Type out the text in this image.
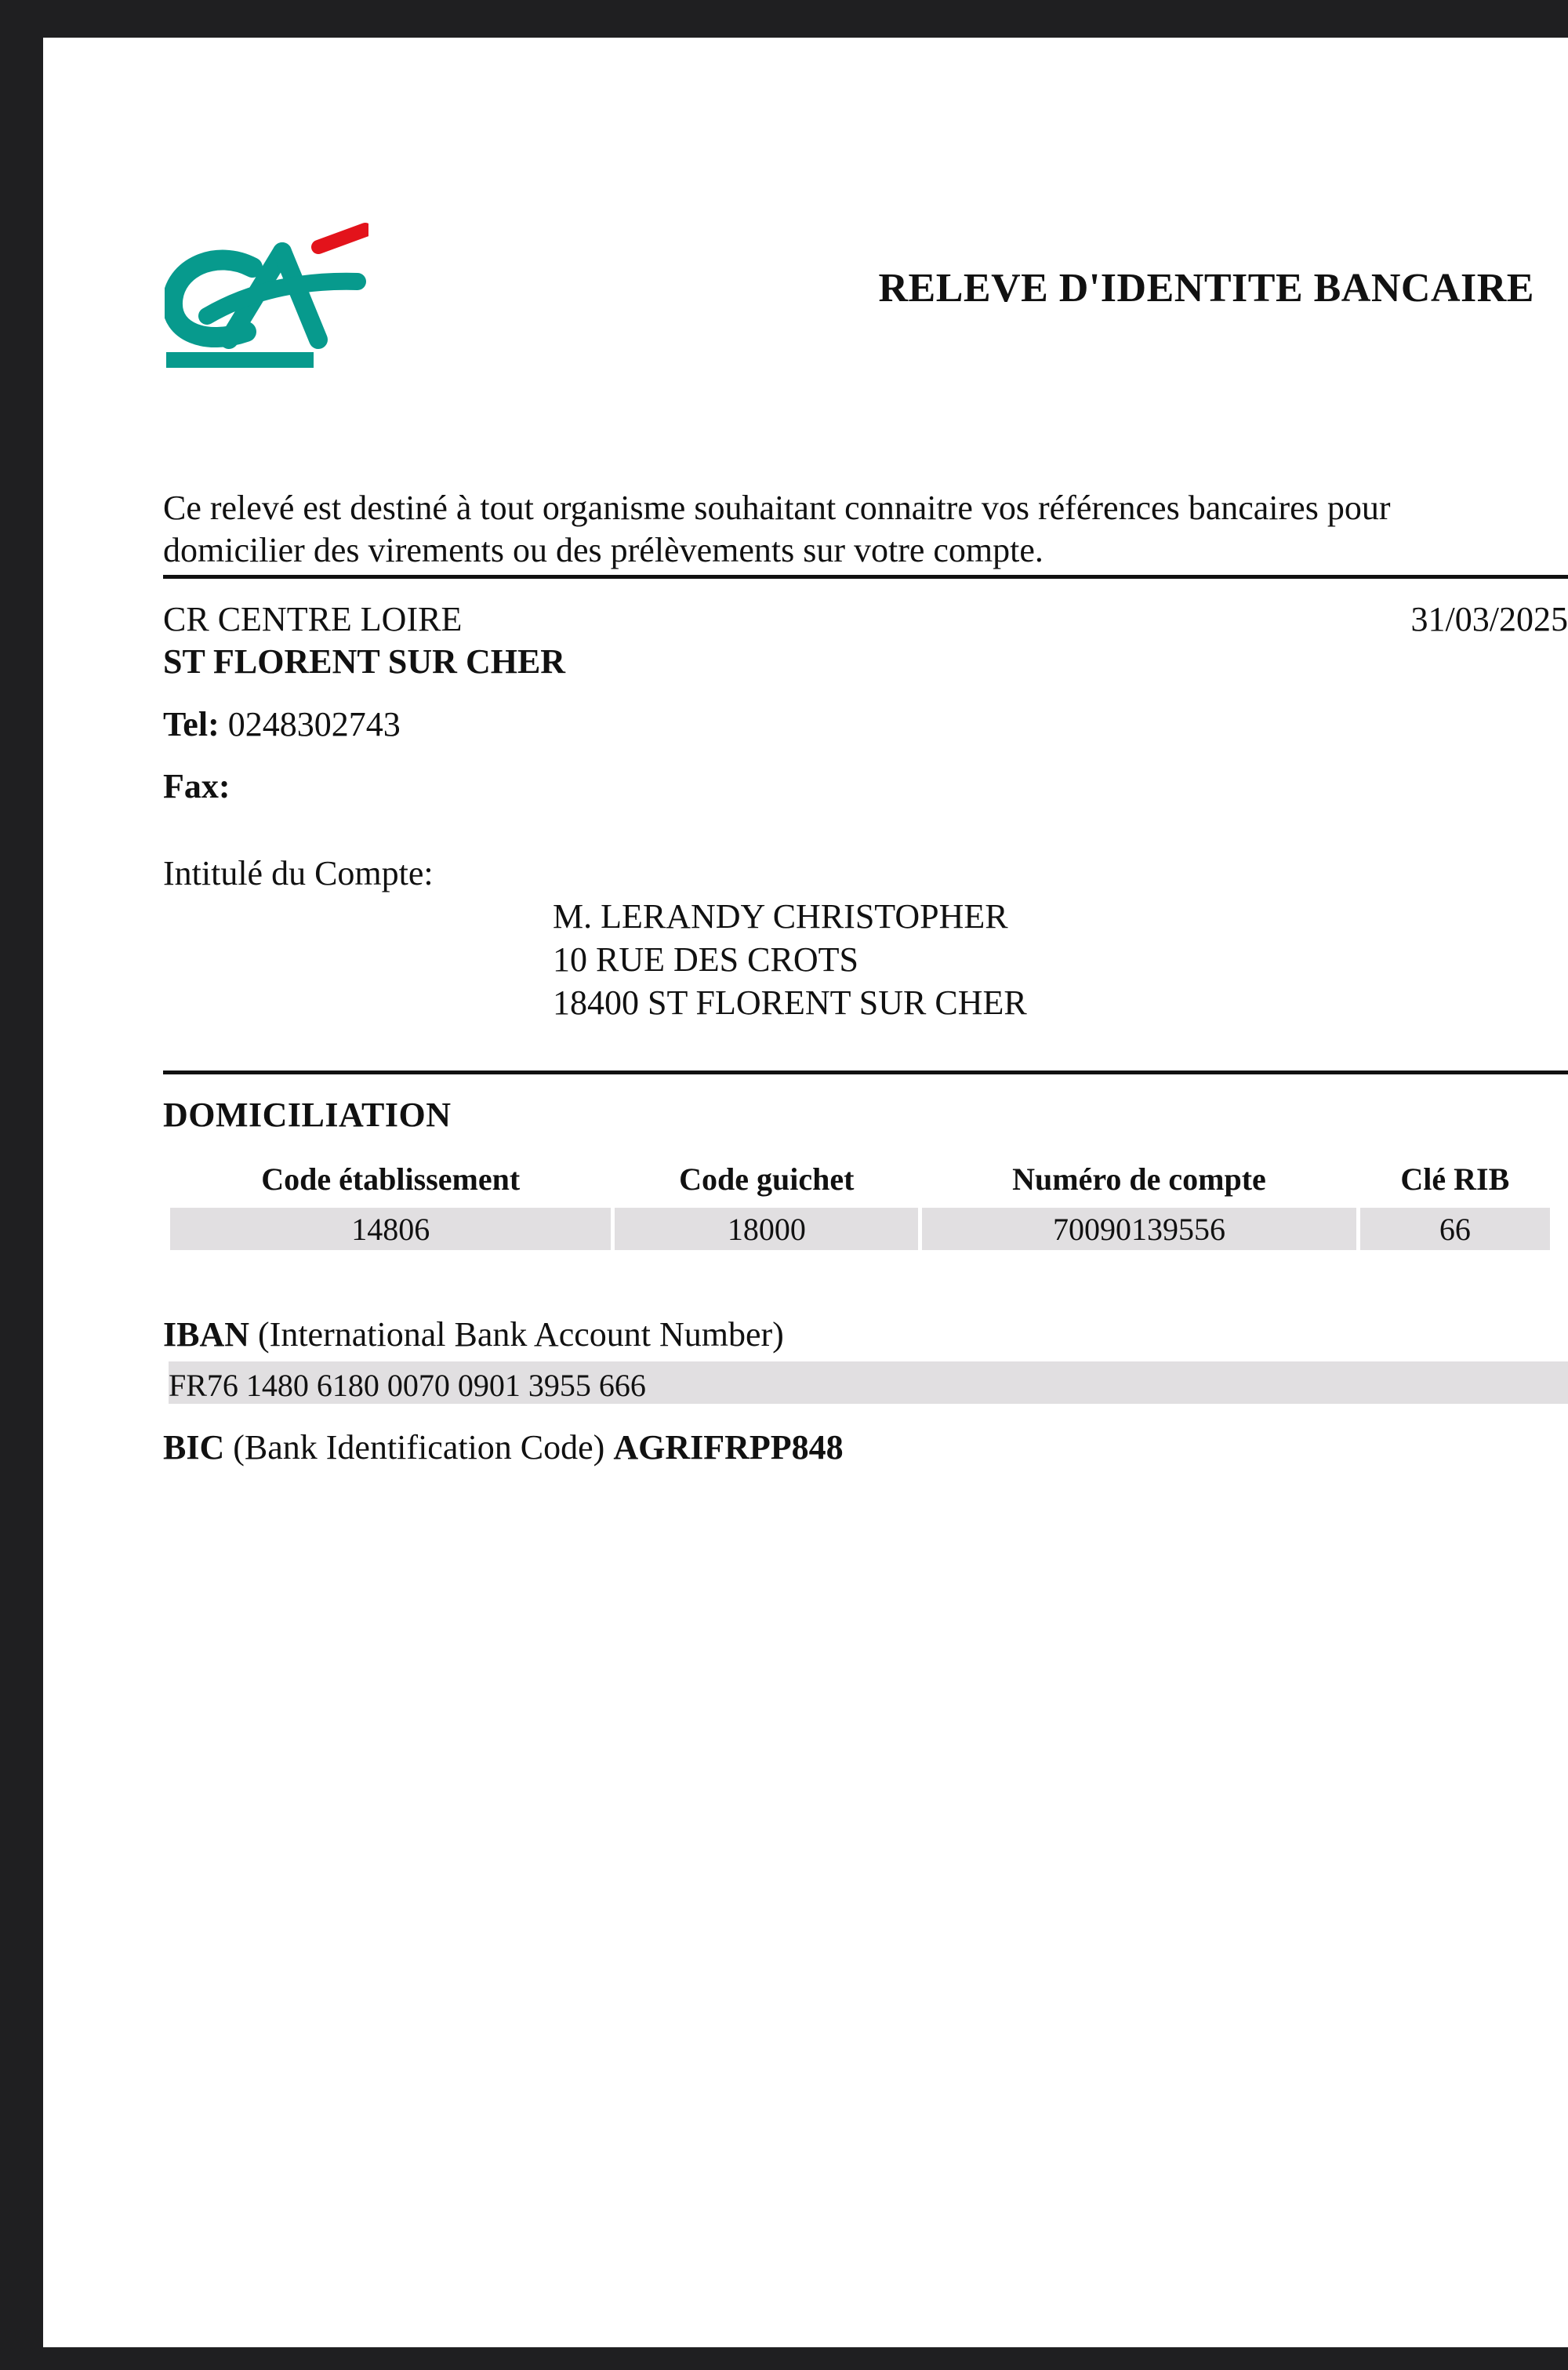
RELEVE D'IDENTITE BANCAIRE
Ce relevé est destiné à tout organisme souhaitant connaitre vos références bancaires pour
domicilier des virements ou des prélèvements sur votre compte.
CR CENTRE LOIRE	31/03/2025
ST FLORENT SUR CHER
Tel: 0248302743
Fax:
Intitulé du Compte:
M. LERANDY CHRISTOPHER
10 RUE DES CROTS
18400 ST FLORENT SUR CHER
DOMICILIATION
Code établissement	Code guichet	Numéro de compte	Clé RIB
14806	18000	70090139556	66
IBAN (International Bank Account Number)
FR76 1480 6180 0070 0901 3955 666
BIC (Bank Identification Code) AGRIFRPP848
